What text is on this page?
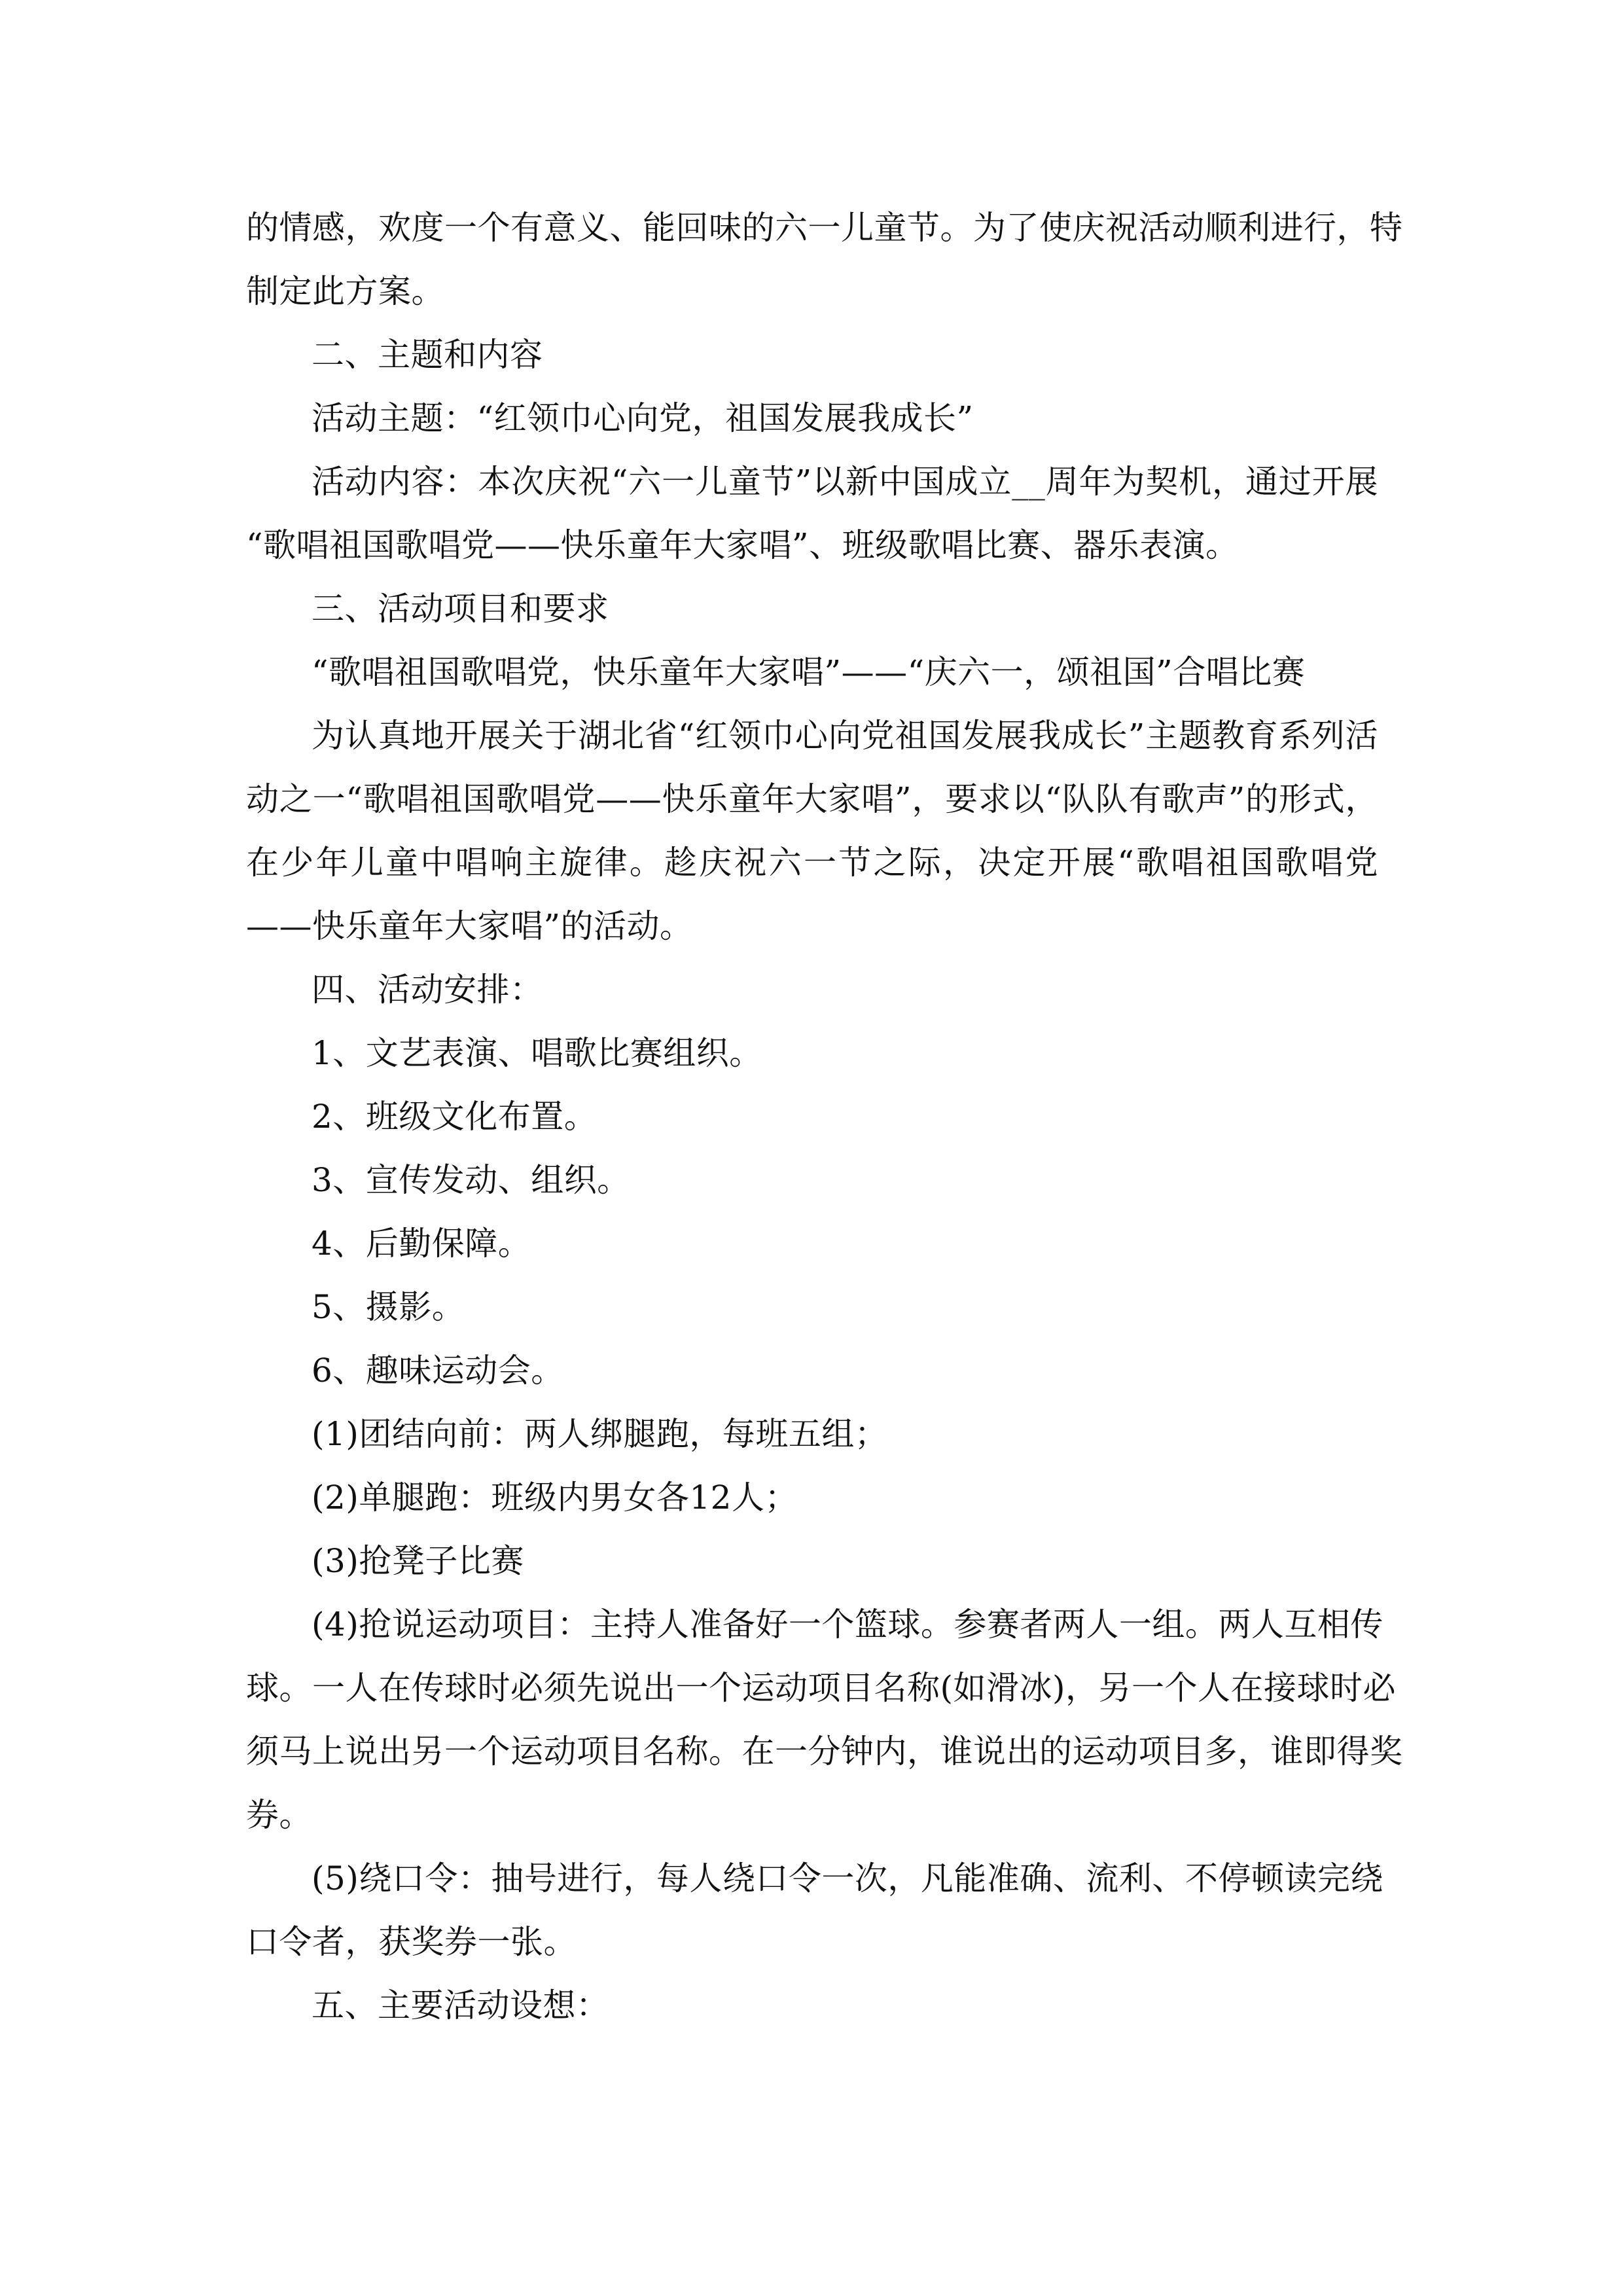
的情感，欢度一个有意义、能回味的六一儿童节。为了使庆祝活动顺利进行，特
制定此方案。
二、主题和内容
活动主题：“红领巾心向党，祖国发展我成长”
活动内容：本次庆祝“六一儿童节”以新中国成立__周年为契机，通过开展
“歌唱祖国歌唱党——快乐童年大家唱”、班级歌唱比赛、器乐表演。
三、活动项目和要求
“歌唱祖国歌唱党，快乐童年大家唱”——“庆六一，颂祖国”合唱比赛
为认真地开展关于湖北省“红领巾心向党祖国发展我成长”主题教育系列活
动之一“歌唱祖国歌唱党——快乐童年大家唱”，要求以“队队有歌声”的形式，
在少年儿童中唱响主旋律。趁庆祝六一节之际，决定开展“歌唱祖国歌唱党
——快乐童年大家唱”的活动。
四、活动安排：
1、文艺表演、唱歌比赛组织。
2、班级文化布置。
3、宣传发动、组织。
4、后勤保障。
5、摄影。
6、趣味运动会。
(1)团结向前：两人绑腿跑，每班五组；
(2)单腿跑：班级内男女各12人；
(3)抢凳子比赛
(4)抢说运动项目：主持人准备好一个篮球。参赛者两人一组。两人互相传
球。一人在传球时必须先说出一个运动项目名称(如滑冰)，另一个人在接球时必
须马上说出另一个运动项目名称。在一分钟内，谁说出的运动项目多，谁即得奖
券。
(5)绕口令：抽号进行，每人绕口令一次，凡能准确、流利、不停顿读完绕
口令者，获奖券一张。
五、主要活动设想：
